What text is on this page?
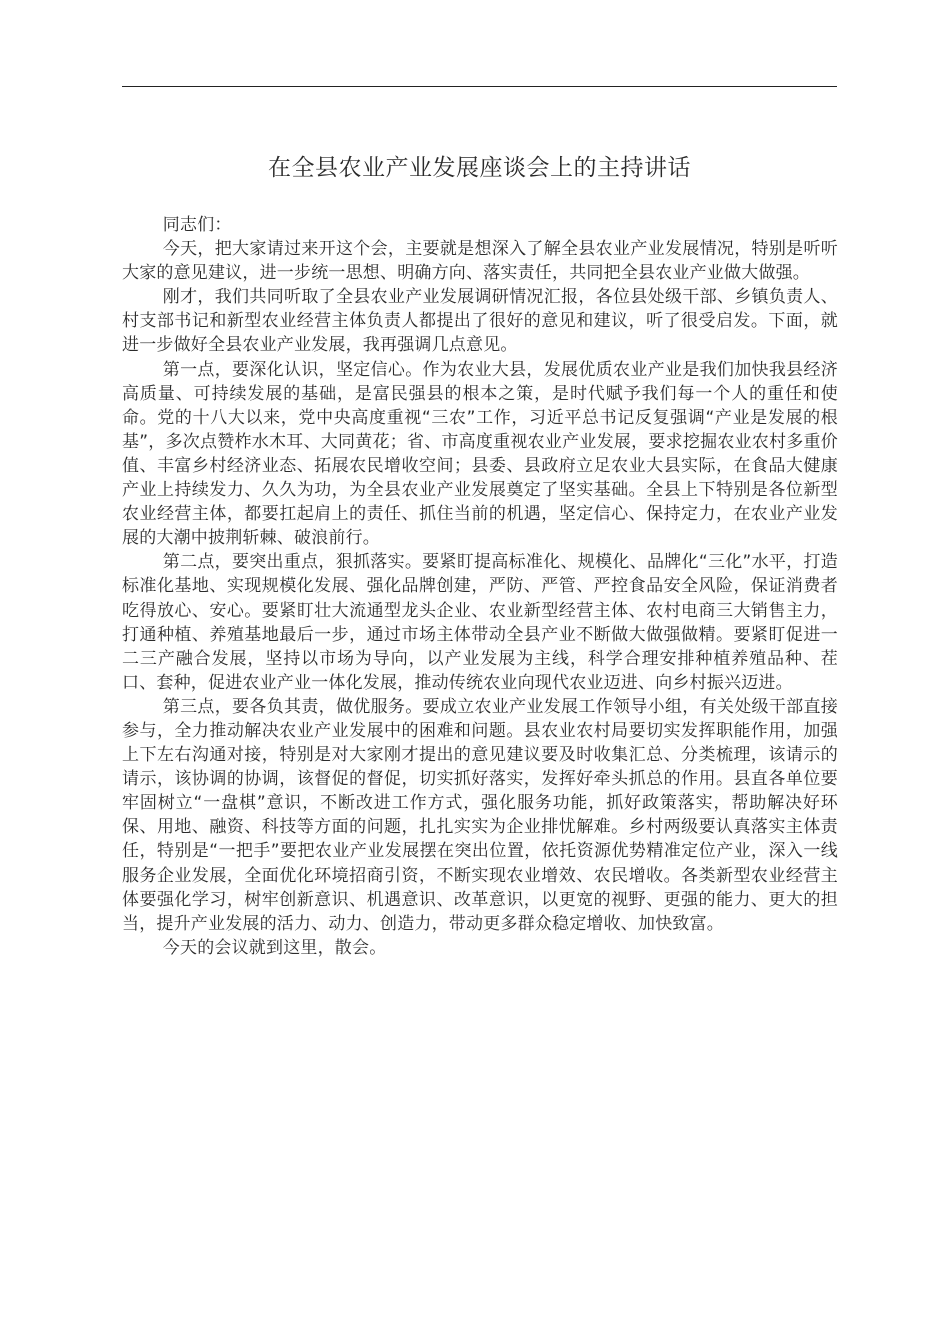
在全县农业产业发展座谈会上的主持讲话

同志们：

今天，把大家请过来开这个会，主要就是想深入了解全县农业产业发展情况，特别是听听大家的意见建议，进一步统一思想、明确方向、落实责任，共同把全县农业产业做大做强。

刚才，我们共同听取了全县农业产业发展调研情况汇报，各位县处级干部、乡镇负责人、村支部书记和新型农业经营主体负责人都提出了很好的意见和建议，听了很受启发。下面，就进一步做好全县农业产业发展，我再强调几点意见。

第一点，要深化认识，坚定信心。作为农业大县，发展优质农业产业是我们加快我县经济高质量、可持续发展的基础，是富民强县的根本之策，是时代赋予我们每一个人的重任和使命。党的十八大以来，党中央高度重视“三农”工作，习近平总书记反复强调“产业是发展的根基”，多次点赞柞水木耳、大同黄花；省、市高度重视农业产业发展，要求挖掘农业农村多重价值、丰富乡村经济业态、拓展农民增收空间；县委、县政府立足农业大县实际，在食品大健康产业上持续发力、久久为功，为全县农业产业发展奠定了坚实基础。全县上下特别是各位新型农业经营主体，都要扛起肩上的责任、抓住当前的机遇，坚定信心、保持定力，在农业产业发展的大潮中披荆斩棘、破浪前行。

第二点，要突出重点，狠抓落实。要紧盯提高标准化、规模化、品牌化“三化”水平，打造标准化基地、实现规模化发展、强化品牌创建，严防、严管、严控食品安全风险，保证消费者吃得放心、安心。要紧盯壮大流通型龙头企业、农业新型经营主体、农村电商三大销售主力，打通种植、养殖基地最后一步，通过市场主体带动全县产业不断做大做强做精。要紧盯促进一二三产融合发展，坚持以市场为导向，以产业发展为主线，科学合理安排种植养殖品种、茬口、套种，促进农业产业一体化发展，推动传统农业向现代农业迈进、向乡村振兴迈进。

第三点，要各负其责，做优服务。要成立农业产业发展工作领导小组，有关处级干部直接参与，全力推动解决农业产业发展中的困难和问题。县农业农村局要切实发挥职能作用，加强上下左右沟通对接，特别是对大家刚才提出的意见建议要及时收集汇总、分类梳理，该请示的请示，该协调的协调，该督促的督促，切实抓好落实，发挥好牵头抓总的作用。县直各单位要牢固树立“一盘棋”意识，不断改进工作方式，强化服务功能，抓好政策落实，帮助解决好环保、用地、融资、科技等方面的问题，扎扎实实为企业排忧解难。乡村两级要认真落实主体责任，特别是“一把手”要把农业产业发展摆在突出位置，依托资源优势精准定位产业，深入一线服务企业发展，全面优化环境招商引资，不断实现农业增效、农民增收。各类新型农业经营主体要强化学习，树牢创新意识、机遇意识、改革意识，以更宽的视野、更强的能力、更大的担当，提升产业发展的活力、动力、创造力，带动更多群众稳定增收、加快致富。

今天的会议就到这里，散会。
